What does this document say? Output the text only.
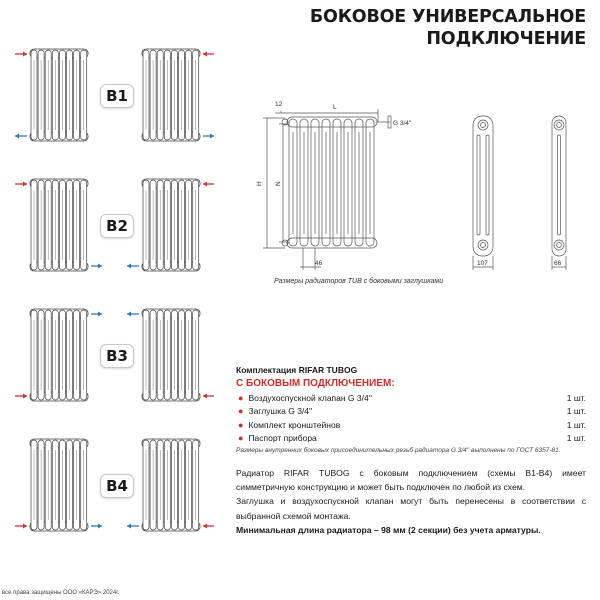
БОКОВОЕ УНИВЕРСАЛЬНОЕ
ПОДКЛЮЧЕНИЕ
B1
B2
B3
B4
12	L
G 3/4''
H N
46	107	66
Размеры радиаторов TUB с боковыми заглушками
Комплектация RIFAR TUBOG
С БОКОВЫМ ПОДКЛЮЧЕНИЕМ:
● Воздухоспускной клапан G 3/4''	1 шт.
● Заглушка G 3/4''	1 шт.
● Комплект кронштейнов	1 шт.
● Паспорт прибора	1 шт.
Размеры внутренних боковых присоединительных резьб радиатора G 3/4'' выполнены по ГОСТ 6357-81.

Радиатор RIFAR TUBOG с боковым подключением (схемы В1-В4) имеет симметричную конструкцию и может быть подключен по любой из схем.

Заглушка и воздухоспускной клапан могут быть перенесены в соответствии с выбранной схемой монтажа.

Минимальная длина радиатора – 98 мм (2 секции) без учета арматуры.

все права защищены ООО «КАРЭ» 2024г.
